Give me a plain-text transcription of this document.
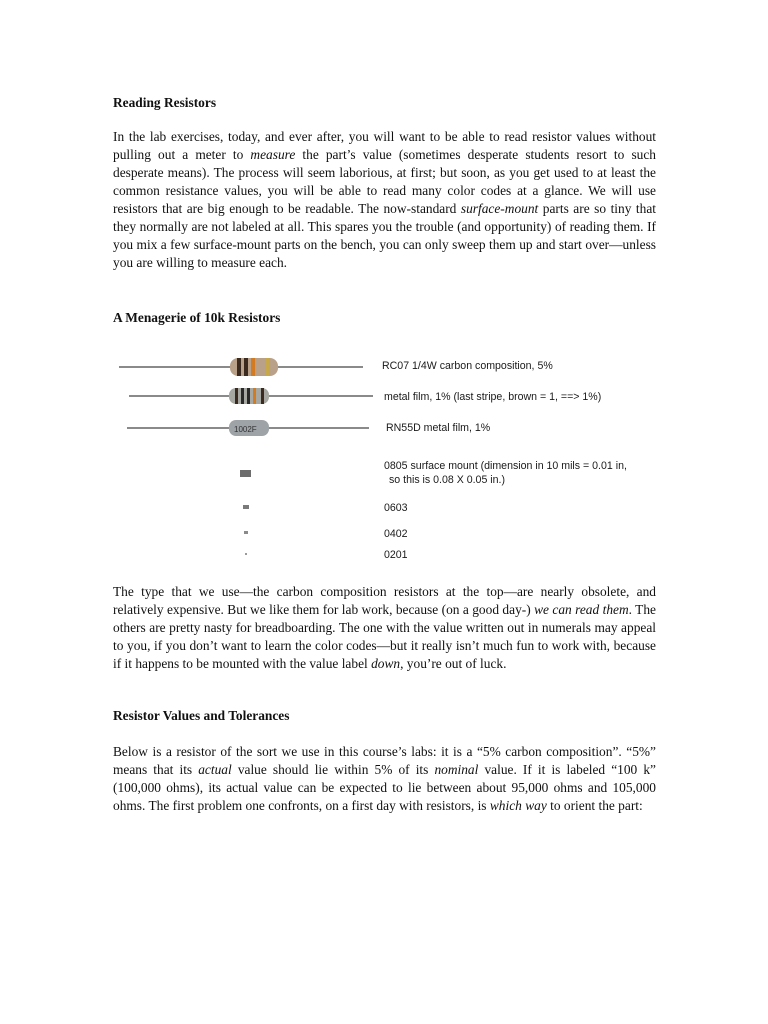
Reading Resistors

In the lab exercises, today, and ever after, you will want to be able to read resistor values without pulling out a meter to measure the part’s value (sometimes desperate students resort to such desperate means). The process will seem laborious, at first; but soon, as you get used to at least the common resistance values, you will be able to read many color codes at a glance. We will use resistors that are big enough to be readable. The now-standard surface-mount parts are so tiny that they normally are not labeled at all. This spares you the trouble (and opportunity) of reading them. If you mix a few surface-mount parts on the bench, you can only sweep them up and start over—unless you are willing to measure each.

A Menagerie of 10k Resistors
1002F
RC07 1/4W carbon composition, 5%
metal film, 1% (last stripe, brown = 1, ==> 1%)
RN55D metal film, 1%
0805 surface mount (dimension in 10 mils = 0.01 in,
so this is 0.08 X 0.05 in.)
0603
0402
0201

The type that we use—the carbon composition resistors at the top—are nearly obsolete, and relatively expensive. But we like them for lab work, because (on a good day-) we can read them. The others are pretty nasty for breadboarding. The one with the value written out in numerals may appeal to you, if you don’t want to learn the color codes—but it really isn’t much fun to work with, because if it happens to be mounted with the value label down, you’re out of luck.

Resistor Values and Tolerances

Below is a resistor of the sort we use in this course’s labs: it is a “5% carbon composition”. “5%” means that its actual value should lie within 5% of its nominal value. If it is labeled “100 k” (100,000 ohms), its actual value can be expected to lie between about 95,000 ohms and 105,000 ohms. The first problem one confronts, on a first day with resistors, is which way to orient the part:
